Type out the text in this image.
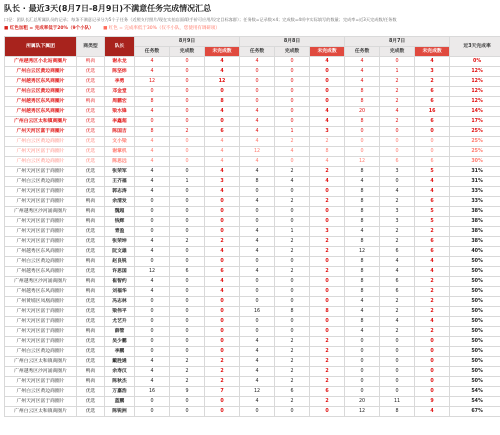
队长 · 最近3天(8月7日-8月9日)不满意任务完成情况汇总
口径：团队长汇总所属队员的记录；每条不满意记录分为5个子任务（近照支付照片/现在实拍店面/联手价可应用/设定目标客群）；任务数=记录数×4；完成数=4项中实际填写的数量；完成率=近3天完成数/任务数
■ 红色加粗 = 完成率低于20%（9个小队） ■ 红色 = 完成率低于30%（仅不小队，您使用有调研项）
所属队下属团	商类型	队长	8月9日			8月8日			8月7日			近3天完成率
			任务数	完成数	未完成数	任务数	完成数	未完成数	任务数	完成数	未完成数	
广州越秀区小北站商圈片	鸭肉	谢永龙	4	0	4	4	0	4	4	0	4	0%
广州白云区黄边商圈片	优选	陈坚炜	4	0	4	0	0	0	4	1	3	12%
广州越秀区东风商圈片	优选	李勇	12	0	12	0	0	0	4	2	2	12%
广州白云区黄边商圈片	优选	邓金堂	0	0	0	0	0	0	8	2	6	12%
广州越秀区东风商圈片	鸭肉	周鹏宏	8	0	8	0	0	0	8	2	6	12%
广州越秀区东风商圈片	优选	梁水锋	4	0	4	4	0	4	20	4	16	14%
广州白云区太和镇商圈片	优选	李鑫超	0	0	0	4	0	4	8	2	6	17%
广州天河区富于商圈片	优选	陈国吉	8	2	6	4	1	3	0	0	0	25%
广州白云区黄边商圈片	优选	文小梁	4	0	4	4	2	2	0	0	0	25%
广州天河区富于商圈片	优选	谢掌机	4	0	4	12	4	8	0	0	0	25%
广州白云区黄边商圈片	优选	陈思远	4	0	4	4	0	4	12	6	6	30%
广州天河区富于商圈片	优选	张荣军	4	0	4	4	2	2	8	3	5	31%
广州白云区黄边商圈片	优选	王齐福	4	1	3	8	4	4	4	0	4	31%
广州天河区富于商圈片	优选	郭志涛	4	0	4	0	0	0	8	4	4	33%
广州天河区富于商圈片	鸭肉	余清发	0	0	0	4	2	2	8	2	6	33%
广州越秀区沙河涌商圈片	鸭肉	魏超	0	0	0	0	0	0	8	3	5	38%
广州天河区富于商圈片	鸭肉	钱辉	0	0	0	0	0	0	8	3	5	38%
广州天河区富于商圈片	优选	青盈	0	0	0	4	1	3	4	2	2	38%
广州天河区富于商圈片	优选	张荣坤	4	2	2	4	2	2	8	2	6	38%
广州越秀区东风商圈片	优选	阮文雄	4	0	4	4	2	2	12	6	6	40%
广州白云区黄边商圈片	鸭肉	赵良锐	0	0	0	0	0	0	8	4	4	50%
广州越秀区东风商圈片	优选	许思国	12	6	6	4	2	2	8	4	4	50%
广州越秀区沙河涌商圈片	鸭肉	崔智约	4	0	4	0	0	0	8	6	2	50%
广州越秀区东风商圈片	鸭肉	刘福华	4	0	4	0	0	0	8	6	2	50%
广州黄埔区凤凰商圈片	优选	冯志林	0	0	0	0	0	0	4	2	2	50%
广州天河区富于商圈片	优选	梁伟平	0	0	0	16	8	8	4	2	2	50%
广州天河区富于商圈片	优选	尤艺升	0	0	0	0	0	0	8	4	4	50%
广州天河区富于商圈片	鸭肉	薛管	0	0	0	0	0	0	4	2	2	50%
广州天河区富于商圈片	优选	吴少鹏	0	0	0	4	2	2	0	0	0	50%
广州白云区黄边商圈片	优选	李鹏	0	0	0	4	2	2	0	0	0	50%
广州白云区太和镇商圈片	优选	戴胜通	4	2	2	4	2	2	0	0	0	50%
广州越秀区沙河涌商圈片	鸭肉	余寿汉	4	2	2	4	2	2	0	0	0	50%
广州天河区富于商圈片	鸭肉	陈秋杰	4	2	2	4	2	2	0	0	0	50%
广州白云区黄边商圈片	优选	万嘉浩	16	9	7	12	6	6	0	0	0	54%
广州天河区富于商圈片	优选	蓝鹏	0	0	0	4	2	2	20	11	9	54%
广州白云区太和镇商圈片	优选	陈锐洲	0	0	0	0	0	0	12	8	4	67%
